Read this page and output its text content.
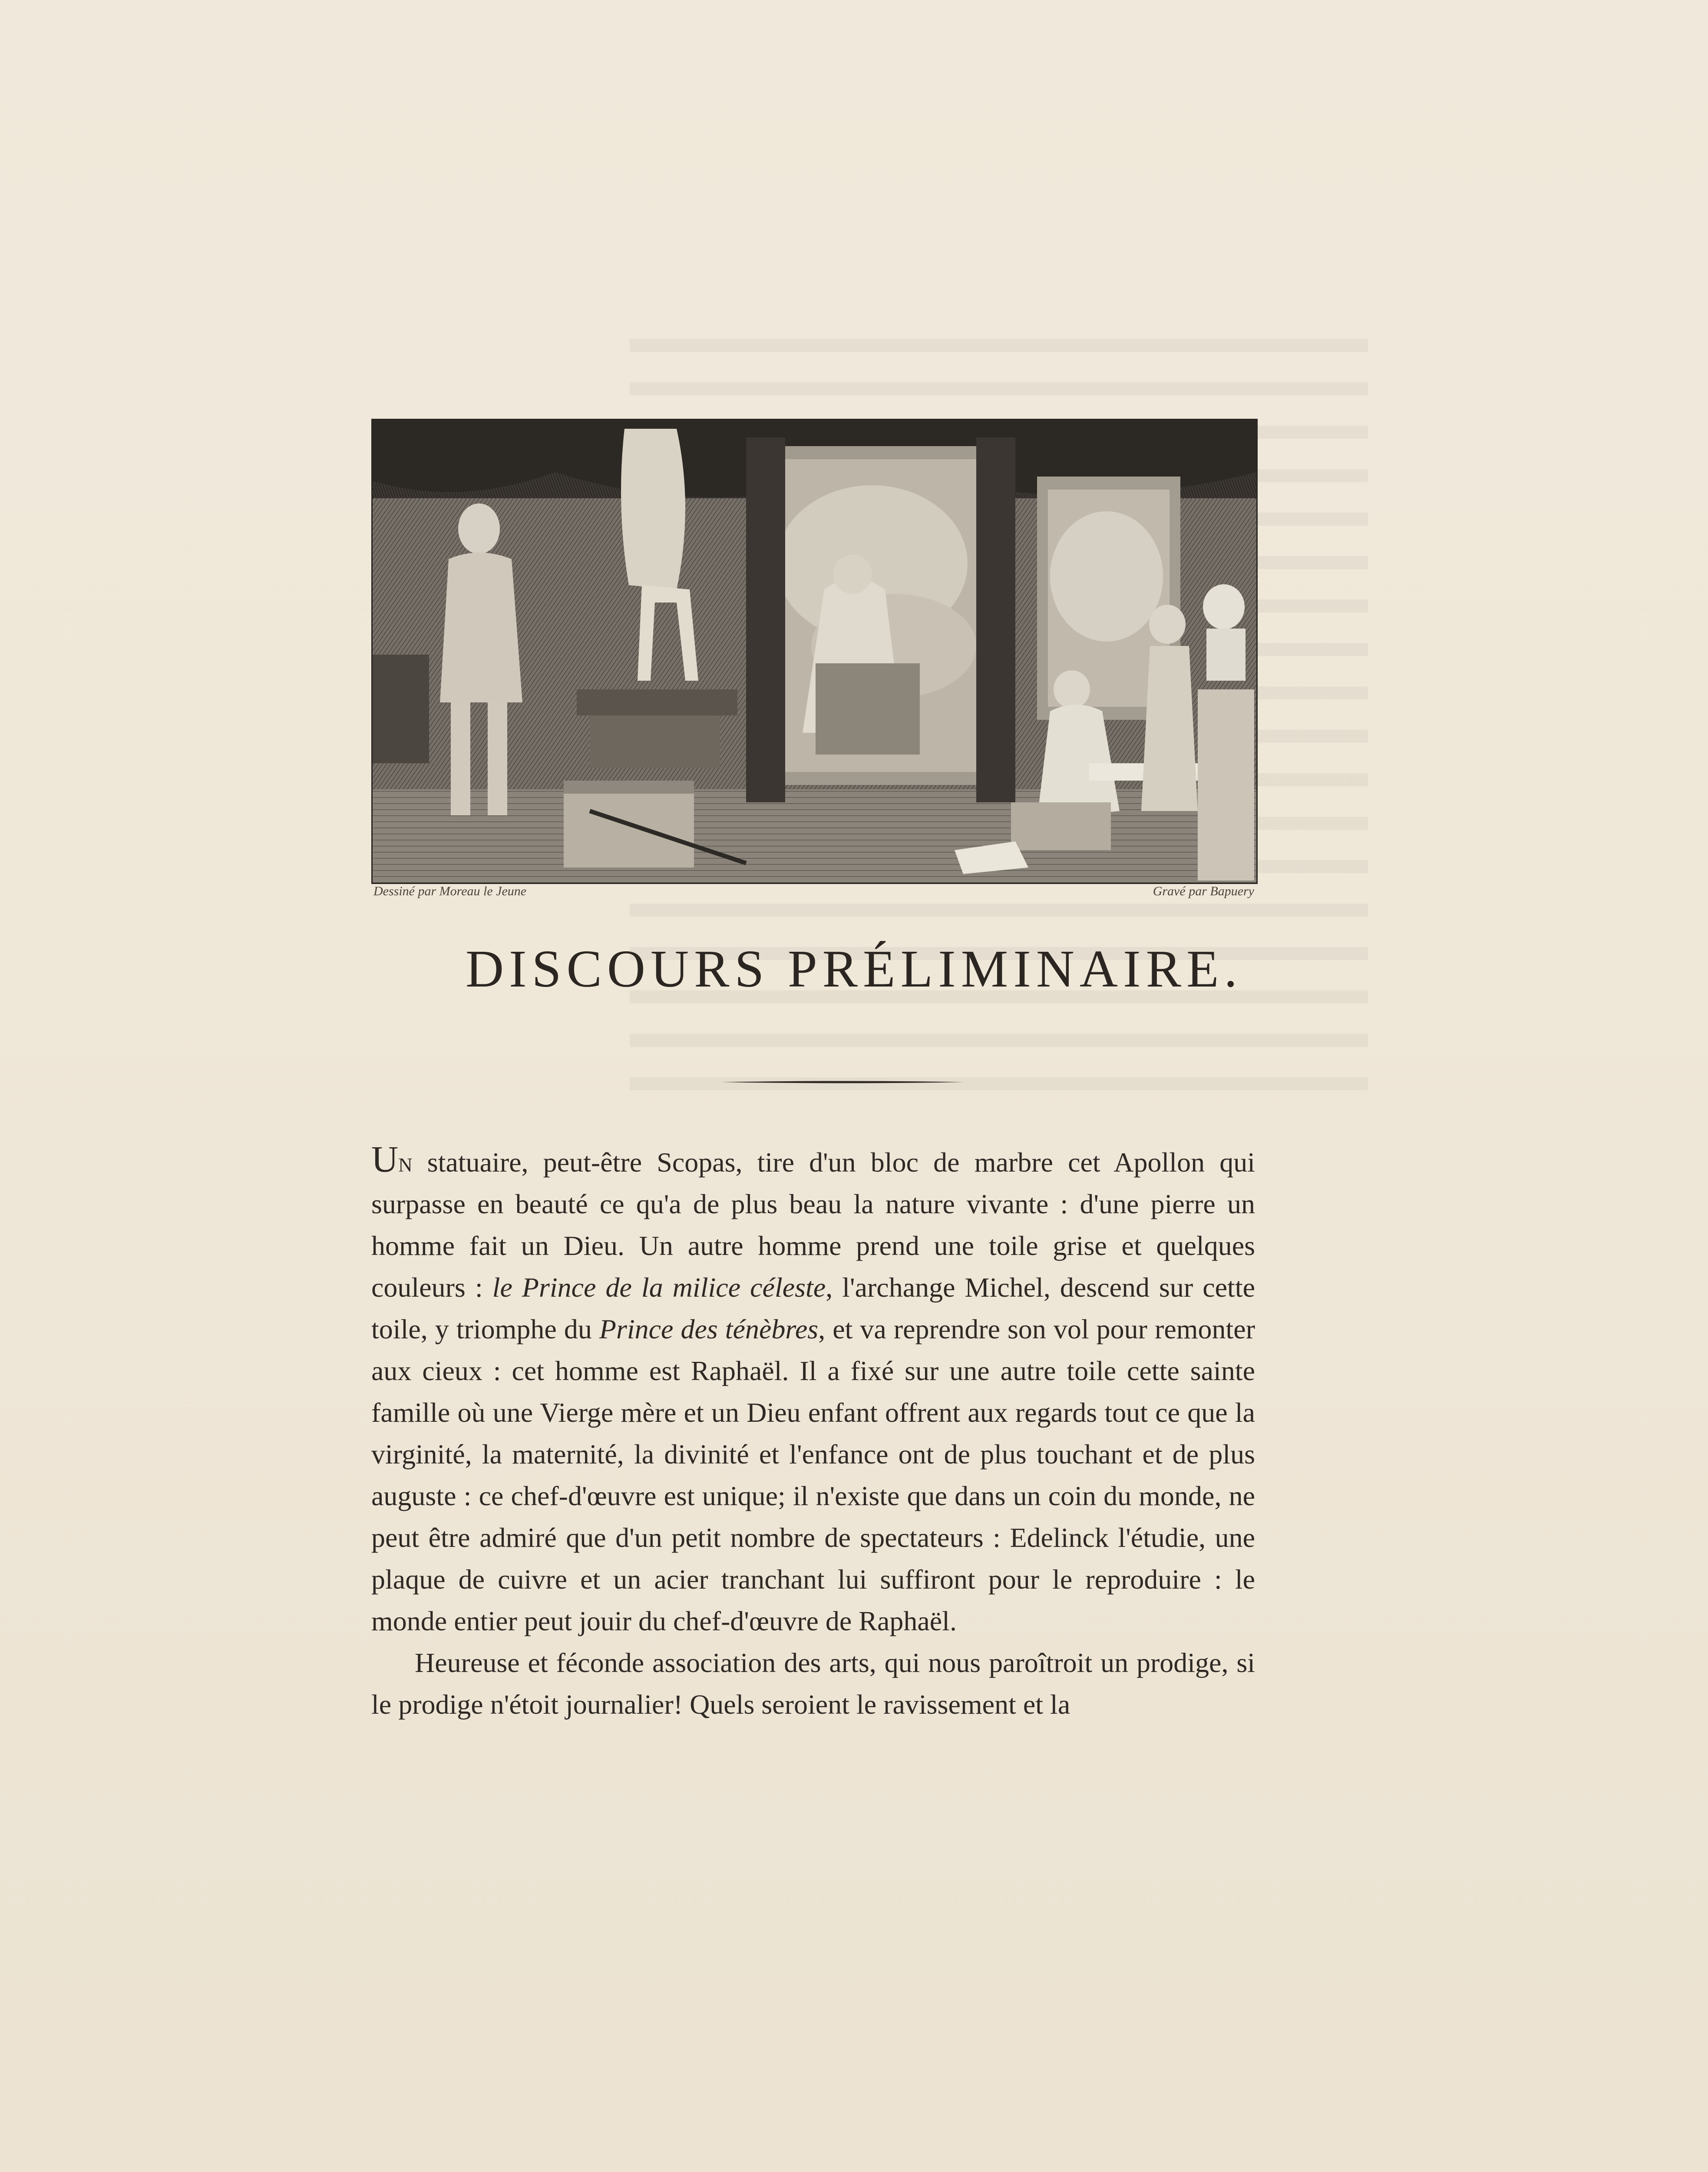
Dessiné par Moreau le Jeune	Gravé par Bapuery
DISCOURS PRÉLIMINAIRE.

Un statuaire, peut-être Scopas, tire d'un bloc de marbre cet Apollon qui surpasse en beauté ce qu'a de plus beau la nature vivante : d'une pierre un homme fait un Dieu. Un autre homme prend une toile grise et quelques couleurs : le Prince de la milice céleste, l'archange Michel, descend sur cette toile, y triomphe du Prince des ténèbres, et va reprendre son vol pour remonter aux cieux : cet homme est Raphaël. Il a fixé sur une autre toile cette sainte famille où une Vierge mère et un Dieu enfant offrent aux regards tout ce que la virginité, la maternité, la divinité et l'enfance ont de plus touchant et de plus auguste : ce chef-d'œuvre est unique; il n'existe que dans un coin du monde, ne peut être admiré que d'un petit nombre de spectateurs : Edelinck l'étudie, une plaque de cuivre et un acier tranchant lui suffiront pour le reproduire : le monde entier peut jouir du chef-d'œuvre de Raphaël.

Heureuse et féconde association des arts, qui nous paroîtroit un prodige, si le prodige n'étoit journalier! Quels seroient le ravissement et la
